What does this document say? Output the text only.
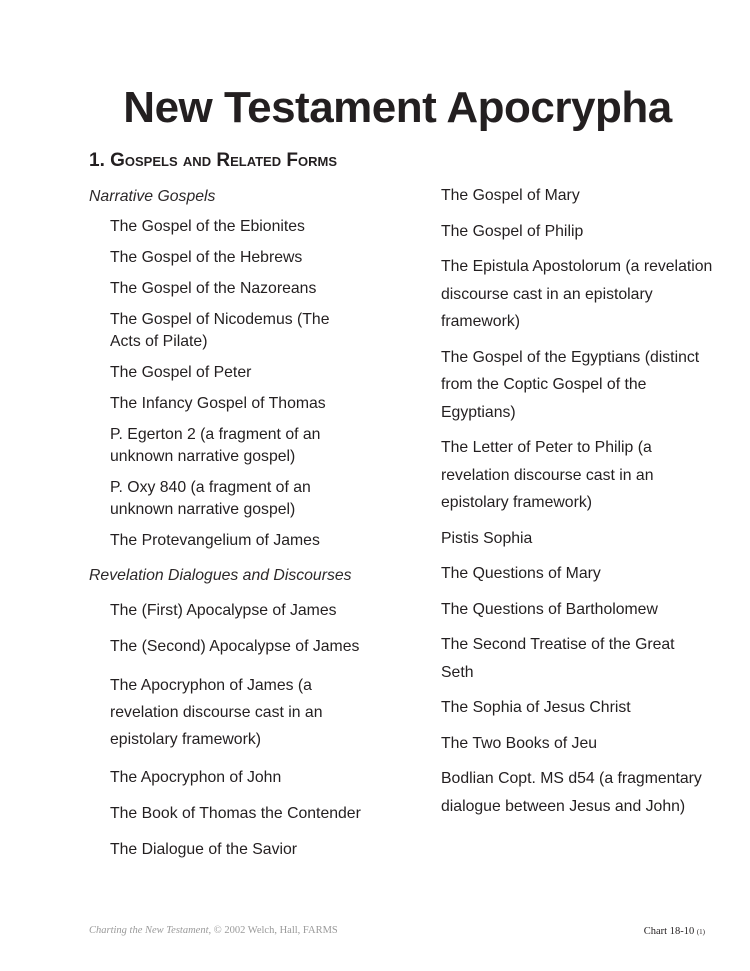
New Testament Apocrypha
1. Gospels and Related Forms

Narrative Gospels

The Gospel of the Ebionites

The Gospel of the Hebrews

The Gospel of the Nazoreans

The Gospel of Nicodemus (The Acts of Pilate)

The Gospel of Peter

The Infancy Gospel of Thomas

P. Egerton 2 (a fragment of an unknown narrative gospel)

P. Oxy 840 (a fragment of an unknown narrative gospel)

The Protevangelium of James

Revelation Dialogues and Discourses

The (First) Apocalypse of James

The (Second) Apocalypse of James

The Apocryphon of James (a revelation discourse cast in an epistolary framework)

The Apocryphon of John

The Book of Thomas the Contender

The Dialogue of the Savior

The Gospel of Mary

The Gospel of Philip

The Epistula Apostolorum (a revelation discourse cast in an epistolary framework)

The Gospel of the Egyptians (distinct from the Coptic Gospel of the Egyptians)

The Letter of Peter to Philip (a revelation discourse cast in an epistolary framework)

Pistis Sophia

The Questions of Mary

The Questions of Bartholomew

The Second Treatise of the Great Seth

The Sophia of Jesus Christ

The Two Books of Jeu

Bodlian Copt. MS d54 (a fragmentary dialogue between Jesus and John)

Charting the New Testament, © 2002 Welch, Hall, FARMS	Chart 18-10 (1)
